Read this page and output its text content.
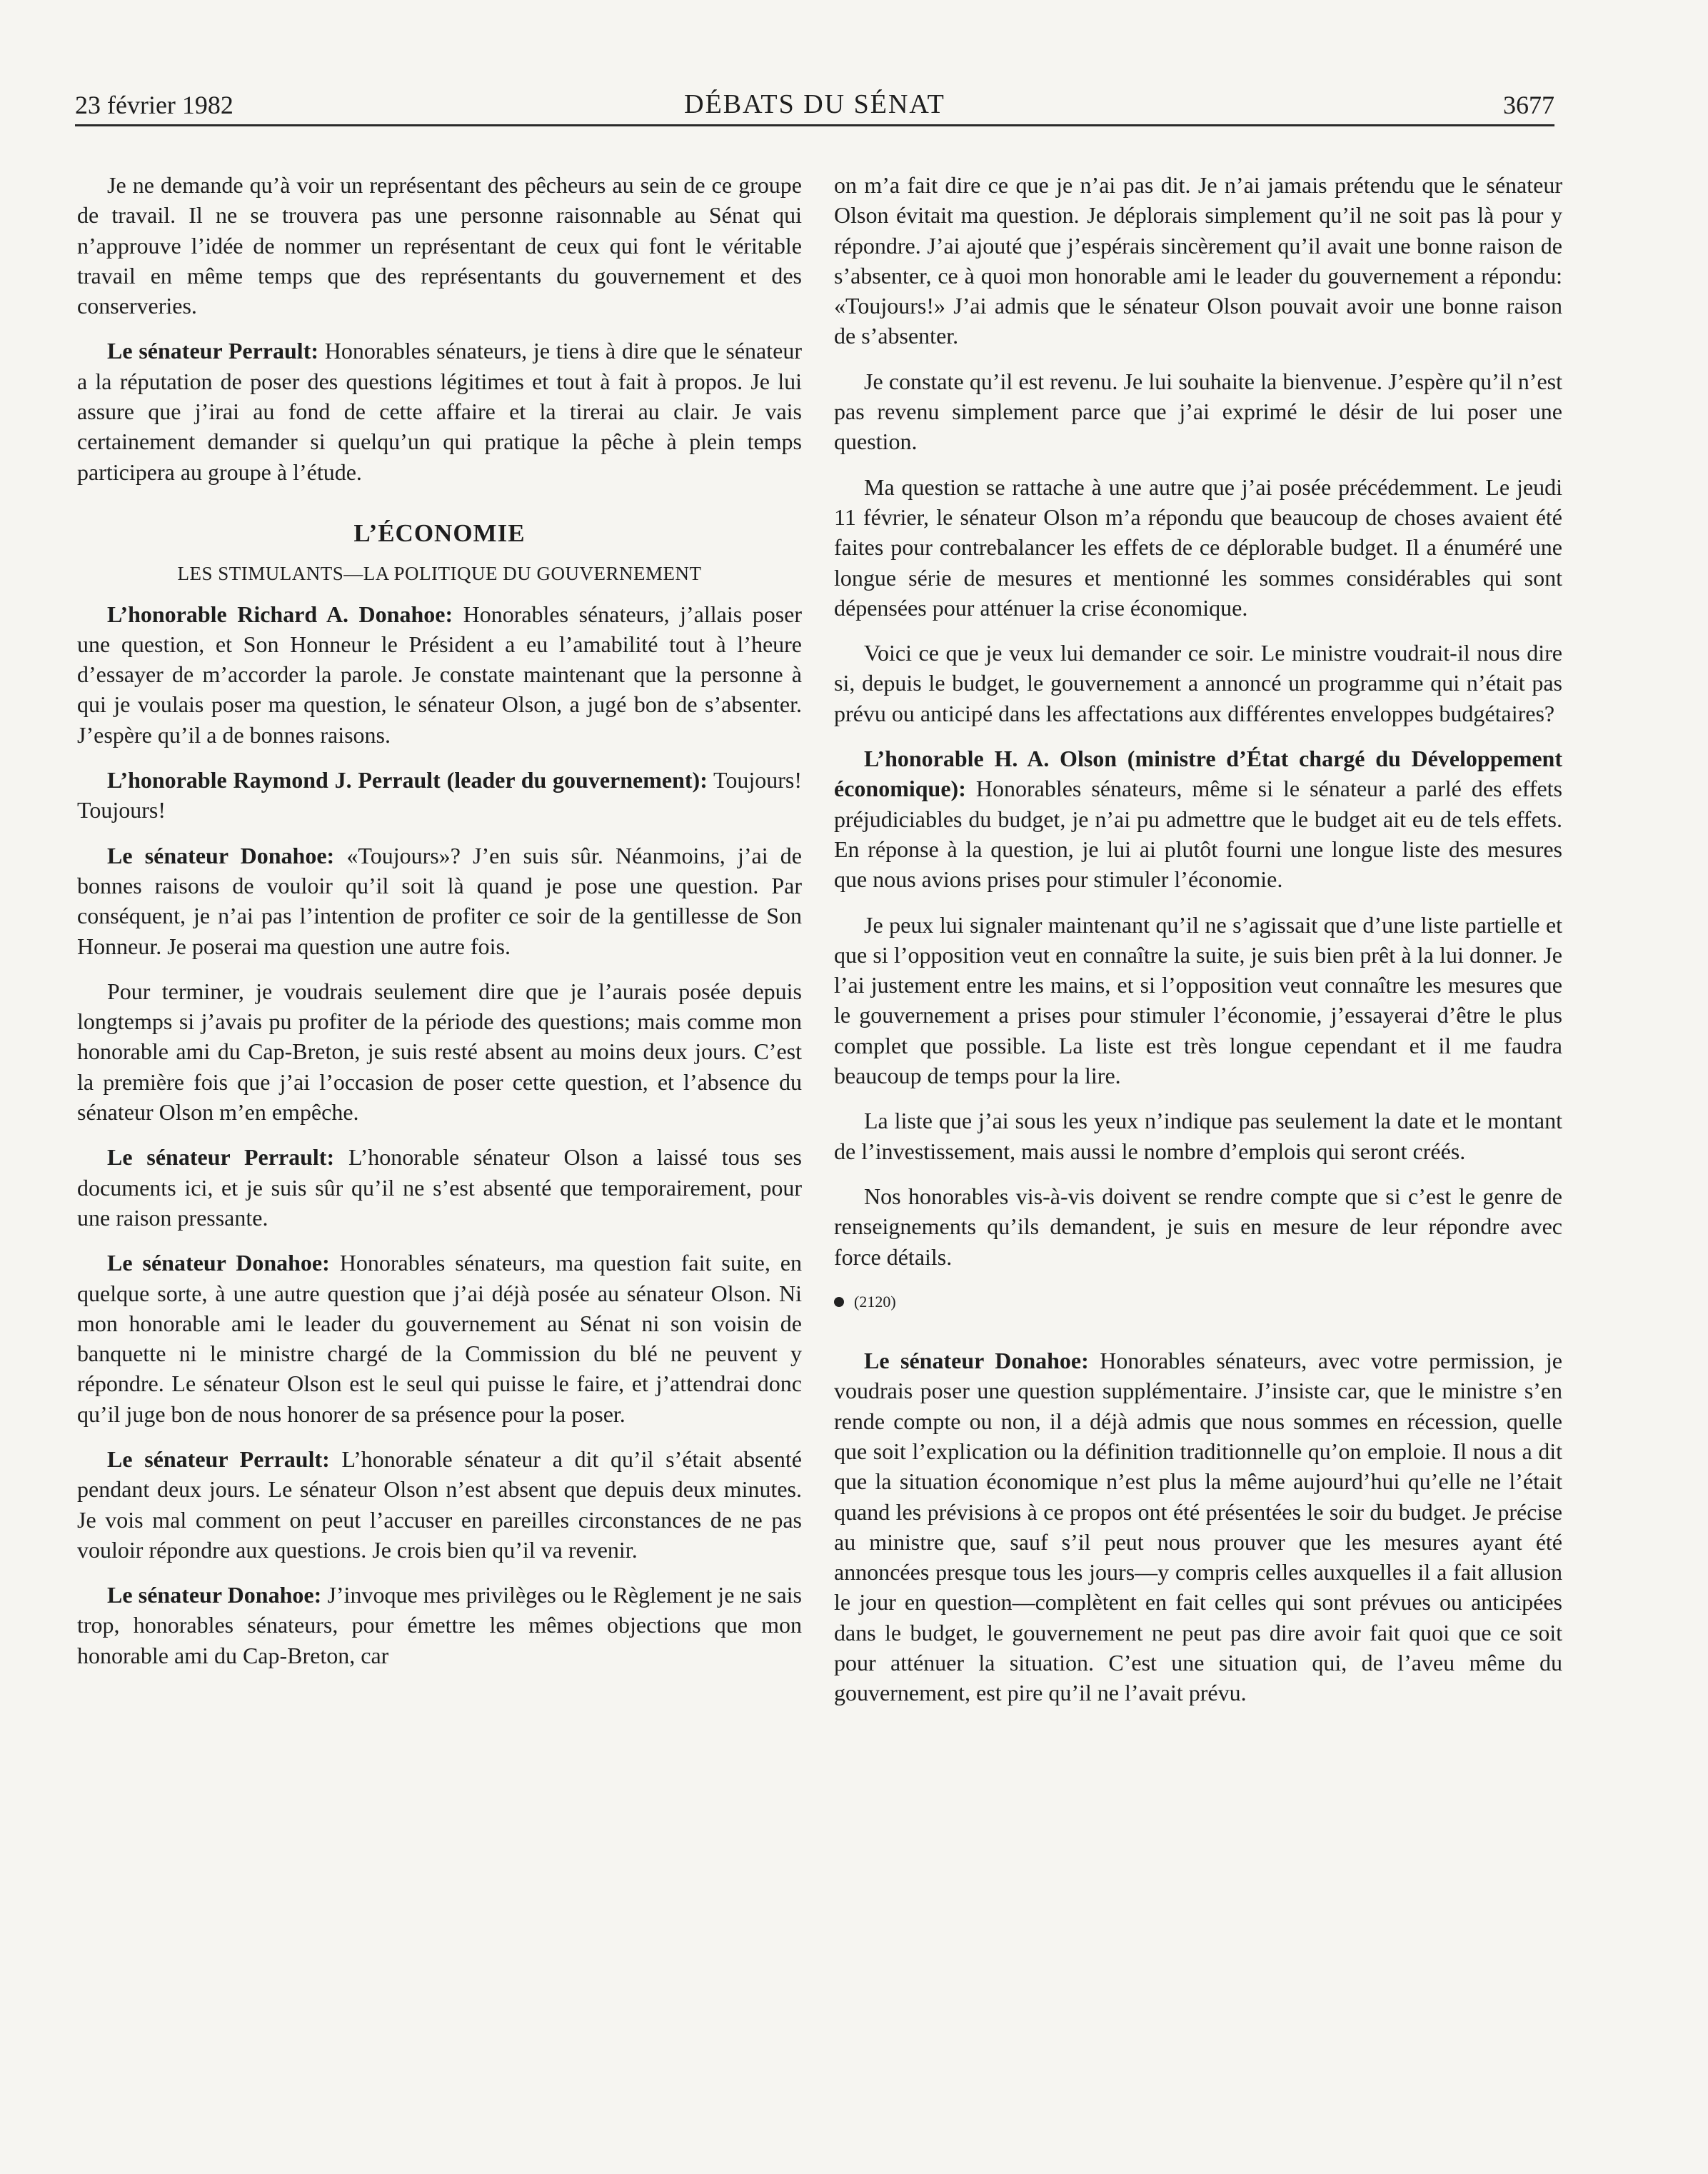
23 février 1982	DÉBATS DU SÉNAT	3677

Je ne demande qu’à voir un représentant des pêcheurs au sein de ce groupe de travail. Il ne se trouvera pas une personne raisonnable au Sénat qui n’approuve l’idée de nommer un représentant de ceux qui font le véritable travail en même temps que des représentants du gouvernement et des conserveries.

Le sénateur Perrault: Honorables sénateurs, je tiens à dire que le sénateur a la réputation de poser des questions légitimes et tout à fait à propos. Je lui assure que j’irai au fond de cette affaire et la tirerai au clair. Je vais certainement demander si quelqu’un qui pratique la pêche à plein temps participera au groupe à l’étude.

L’ÉCONOMIE
LES STIMULANTS—LA POLITIQUE DU GOUVERNEMENT

L’honorable Richard A. Donahoe: Honorables sénateurs, j’allais poser une question, et Son Honneur le Président a eu l’amabilité tout à l’heure d’essayer de m’accorder la parole. Je constate maintenant que la personne à qui je voulais poser ma question, le sénateur Olson, a jugé bon de s’absenter. J’espère qu’il a de bonnes raisons.

L’honorable Raymond J. Perrault (leader du gouvernement): Toujours! Toujours!

Le sénateur Donahoe: «Toujours»? J’en suis sûr. Néanmoins, j’ai de bonnes raisons de vouloir qu’il soit là quand je pose une question. Par conséquent, je n’ai pas l’intention de profiter ce soir de la gentillesse de Son Honneur. Je poserai ma question une autre fois.

Pour terminer, je voudrais seulement dire que je l’aurais posée depuis longtemps si j’avais pu profiter de la période des questions; mais comme mon honorable ami du Cap-Breton, je suis resté absent au moins deux jours. C’est la première fois que j’ai l’occasion de poser cette question, et l’absence du sénateur Olson m’en empêche.

Le sénateur Perrault: L’honorable sénateur Olson a laissé tous ses documents ici, et je suis sûr qu’il ne s’est absenté que temporairement, pour une raison pressante.

Le sénateur Donahoe: Honorables sénateurs, ma question fait suite, en quelque sorte, à une autre question que j’ai déjà posée au sénateur Olson. Ni mon honorable ami le leader du gouvernement au Sénat ni son voisin de banquette ni le ministre chargé de la Commission du blé ne peuvent y répondre. Le sénateur Olson est le seul qui puisse le faire, et j’attendrai donc qu’il juge bon de nous honorer de sa présence pour la poser.

Le sénateur Perrault: L’honorable sénateur a dit qu’il s’était absenté pendant deux jours. Le sénateur Olson n’est absent que depuis deux minutes. Je vois mal comment on peut l’accuser en pareilles circonstances de ne pas vouloir répondre aux questions. Je crois bien qu’il va revenir.

Le sénateur Donahoe: J’invoque mes privilèges ou le Règlement je ne sais trop, honorables sénateurs, pour émettre les mêmes objections que mon honorable ami du Cap-Breton, car

on m’a fait dire ce que je n’ai pas dit. Je n’ai jamais prétendu que le sénateur Olson évitait ma question. Je déplorais simplement qu’il ne soit pas là pour y répondre. J’ai ajouté que j’espérais sincèrement qu’il avait une bonne raison de s’absenter, ce à quoi mon honorable ami le leader du gouvernement a répondu: «Toujours!» J’ai admis que le sénateur Olson pouvait avoir une bonne raison de s’absenter.

Je constate qu’il est revenu. Je lui souhaite la bienvenue. J’espère qu’il n’est pas revenu simplement parce que j’ai exprimé le désir de lui poser une question.

Ma question se rattache à une autre que j’ai posée précédemment. Le jeudi 11 février, le sénateur Olson m’a répondu que beaucoup de choses avaient été faites pour contrebalancer les effets de ce déplorable budget. Il a énuméré une longue série de mesures et mentionné les sommes considérables qui sont dépensées pour atténuer la crise économique.

Voici ce que je veux lui demander ce soir. Le ministre voudrait-il nous dire si, depuis le budget, le gouvernement a annoncé un programme qui n’était pas prévu ou anticipé dans les affectations aux différentes enveloppes budgétaires?

L’honorable H. A. Olson (ministre d’État chargé du Développement économique): Honorables sénateurs, même si le sénateur a parlé des effets préjudiciables du budget, je n’ai pu admettre que le budget ait eu de tels effets. En réponse à la question, je lui ai plutôt fourni une longue liste des mesures que nous avions prises pour stimuler l’économie.

Je peux lui signaler maintenant qu’il ne s’agissait que d’une liste partielle et que si l’opposition veut en connaître la suite, je suis bien prêt à la lui donner. Je l’ai justement entre les mains, et si l’opposition veut connaître les mesures que le gouvernement a prises pour stimuler l’économie, j’essayerai d’être le plus complet que possible. La liste est très longue cependant et il me faudra beaucoup de temps pour la lire.

La liste que j’ai sous les yeux n’indique pas seulement la date et le montant de l’investissement, mais aussi le nombre d’emplois qui seront créés.

Nos honorables vis-à-vis doivent se rendre compte que si c’est le genre de renseignements qu’ils demandent, je suis en mesure de leur répondre avec force détails.

(2120)

Le sénateur Donahoe: Honorables sénateurs, avec votre permission, je voudrais poser une question supplémentaire. J’insiste car, que le ministre s’en rende compte ou non, il a déjà admis que nous sommes en récession, quelle que soit l’explication ou la définition traditionnelle qu’on emploie. Il nous a dit que la situation économique n’est plus la même aujourd’hui qu’elle ne l’était quand les prévisions à ce propos ont été présentées le soir du budget. Je précise au ministre que, sauf s’il peut nous prouver que les mesures ayant été annoncées presque tous les jours—y compris celles auxquelles il a fait allusion le jour en question—complètent en fait celles qui sont prévues ou anticipées dans le budget, le gouvernement ne peut pas dire avoir fait quoi que ce soit pour atténuer la situation. C’est une situation qui, de l’aveu même du gouvernement, est pire qu’il ne l’avait prévu.
